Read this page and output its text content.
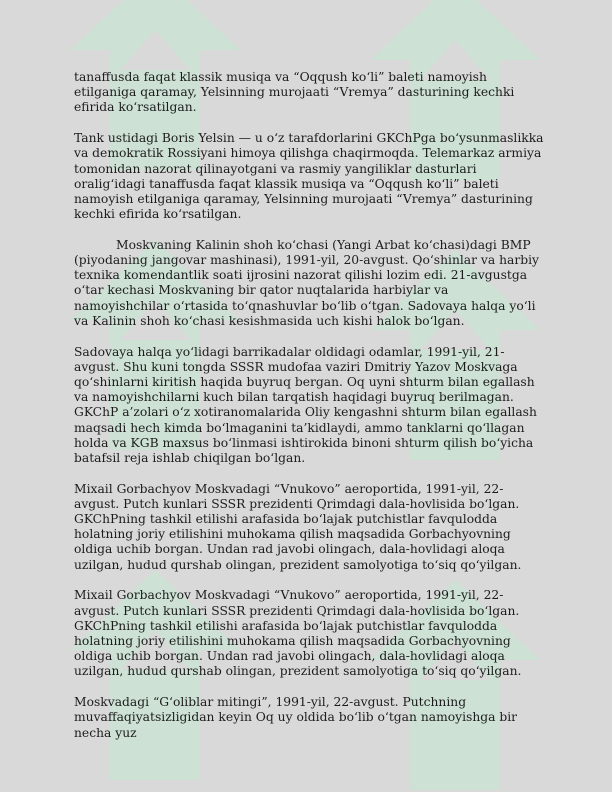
tanaffusda faqat klassik musiqa va “Oqqush ko‘li” baleti namoyish etilganiga qaramay, Yelsinning murojaati “Vremya” dasturining kechki efirida ko‘rsatilgan.

Tank ustidagi Boris Yelsin — u o‘z tarafdorlarini GKChPga bo‘ysunmaslikka va demokratik Rossiyani himoya qilishga chaqirmoqda. Telemarkaz armiya tomonidan nazorat qilinayotgani va rasmiy yangiliklar dasturlari oralig‘idagi tanaffusda faqat klassik musiqa va “Oqqush ko‘li” baleti namoyish etilganiga qaramay, Yelsinning murojaati “Vremya” dasturining kechki efirida ko‘rsatilgan.

Moskvaning Kalinin shoh ko‘chasi (Yangi Arbat ko‘chasi)dagi BMP (piyodaning jangovar mashinasi), 1991-yil, 20-avgust. Qo‘shinlar va harbiy texnika komendantlik soati ijrosini nazorat qilishi lozim edi. 21-avgustga o‘tar kechasi Moskvaning bir qator nuqtalarida harbiylar va namoyishchilar o‘rtasida to‘qnashuvlar bo‘lib o‘tgan. Sadovaya halqa yo‘li va Kalinin shoh ko‘chasi kesishmasida uch kishi halok bo‘lgan.

Sadovaya halqa yo‘lidagi barrikadalar oldidagi odamlar, 1991-yil, 21-avgust. Shu kuni tongda SSSR mudofaa vaziri Dmitriy Yazov Moskvaga qo‘shinlarni kiritish haqida buyruq bergan. Oq uyni shturm bilan egallash va namoyishchilarni kuch bilan tarqatish haqidagi buyruq berilmagan. GKChP a’zolari o‘z xotiranomalarida Oliy kengashni shturm bilan egallash maqsadi hech kimda bo‘lmaganini ta’kidlaydi, ammo tanklarni qo‘llagan holda va KGB maxsus bo‘linmasi ishtirokida binoni shturm qilish bo‘yicha batafsil reja ishlab chiqilgan bo‘lgan.

Mixail Gorbachyov Moskvadagi “Vnukovo” aeroportida, 1991-yil, 22-avgust. Putch kunlari SSSR prezidenti Qrimdagi dala-hovlisida bo‘lgan. GKChPning tashkil etilishi arafasida bo‘lajak putchistlar favqulodda holatning joriy etilishini muhokama qilish maqsadida Gorbachyovning oldiga uchib borgan. Undan rad javobi olingach, dala-hovlidagi aloqa uzilgan, hudud qurshab olingan, prezident samolyotiga to‘siq qo‘yilgan.

Mixail Gorbachyov Moskvadagi “Vnukovo” aeroportida, 1991-yil, 22-avgust. Putch kunlari SSSR prezidenti Qrimdagi dala-hovlisida bo‘lgan. GKChPning tashkil etilishi arafasida bo‘lajak putchistlar favqulodda holatning joriy etilishini muhokama qilish maqsadida Gorbachyovning oldiga uchib borgan. Undan rad javobi olingach, dala-hovlidagi aloqa uzilgan, hudud qurshab olingan, prezident samolyotiga to‘siq qo‘yilgan.

Moskvadagi “G‘oliblar mitingi”, 1991-yil, 22-avgust. Putchning muvaffaqiyatsizligidan keyin Oq uy oldida bo‘lib o‘tgan namoyishga bir necha yuz
